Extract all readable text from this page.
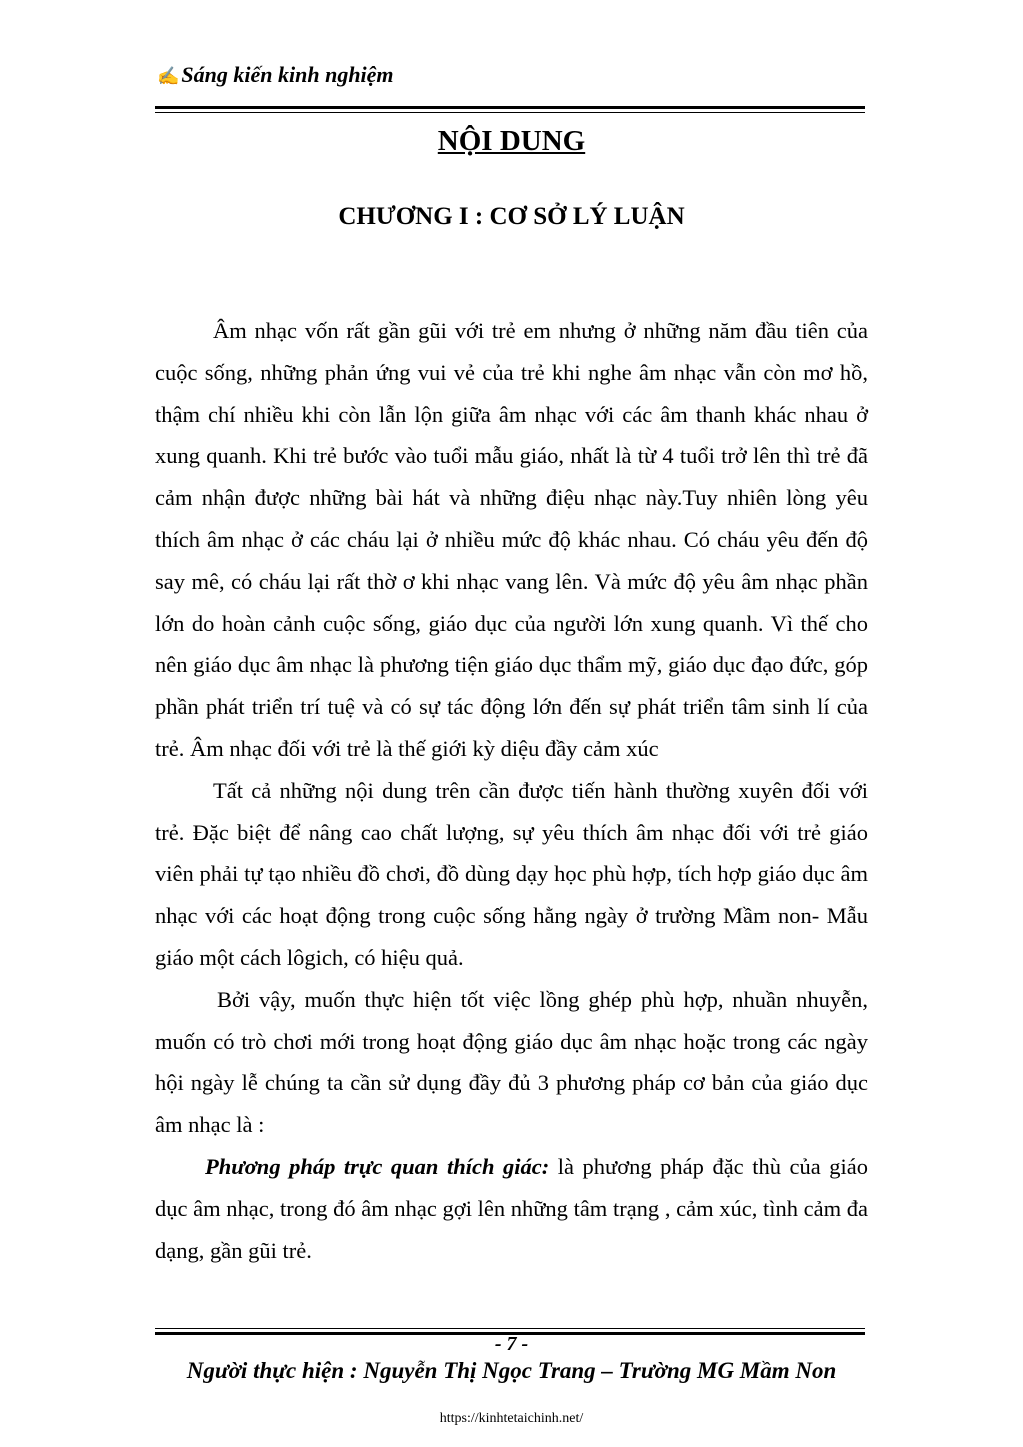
✍Sáng kiến kinh nghiệm
NỘI DUNG
CHƯƠNG I : CƠ SỞ LÝ LUẬN

Âm nhạc vốn rất gần gũi với trẻ em nhưng ở những năm đầu tiên của cuộc sống, những phản ứng vui vẻ của trẻ khi nghe âm nhạc vẫn còn mơ hồ, thậm chí nhiều khi còn lẫn lộn giữa âm nhạc với các âm thanh khác nhau ở xung quanh. Khi trẻ bước vào tuổi mẫu giáo, nhất là từ 4 tuổi trở lên thì trẻ đã cảm nhận được những bài hát và những điệu nhạc này.Tuy nhiên lòng yêu thích âm nhạc ở các cháu lại ở nhiều mức độ khác nhau. Có cháu yêu đến độ say mê, có cháu lại rất thờ ơ khi nhạc vang lên. Và mức độ yêu âm nhạc phần lớn do hoàn cảnh cuộc sống, giáo dục của người lớn xung quanh. Vì thế cho nên giáo dục âm nhạc là phương tiện giáo dục thẩm mỹ, giáo dục đạo đức, góp phần phát triển trí tuệ và có sự tác động lớn đến sự phát triển tâm sinh lí của trẻ. Âm nhạc đối với trẻ là thế giới kỳ diệu đầy cảm xúc

Tất cả những nội dung trên cần được tiến hành thường xuyên đối với trẻ. Đặc biệt để nâng cao chất lượng, sự yêu thích âm nhạc đối với trẻ giáo viên phải tự tạo nhiều đồ chơi, đồ dùng dạy học phù hợp, tích hợp giáo dục âm nhạc với các hoạt động trong cuộc sống hằng ngày ở trường Mầm non- Mẫu giáo một cách lôgich, có hiệu quả.

Bởi vậy, muốn thực hiện tốt việc lồng ghép phù hợp, nhuần nhuyễn, muốn có trò chơi mới trong hoạt động giáo dục âm nhạc hoặc trong các ngày hội ngày lễ chúng ta cần sử dụng đầy đủ 3 phương pháp cơ bản của giáo dục âm nhạc là :

Phương pháp trực quan thích giác: là phương pháp đặc thù của giáo dục âm nhạc, trong đó âm nhạc gợi lên những tâm trạng , cảm xúc, tình cảm đa dạng, gần gũi trẻ.

- 7 -
Người thực hiện : Nguyễn Thị Ngọc Trang – Trường MG Mầm Non
https://kinhtetaichinh.net/
